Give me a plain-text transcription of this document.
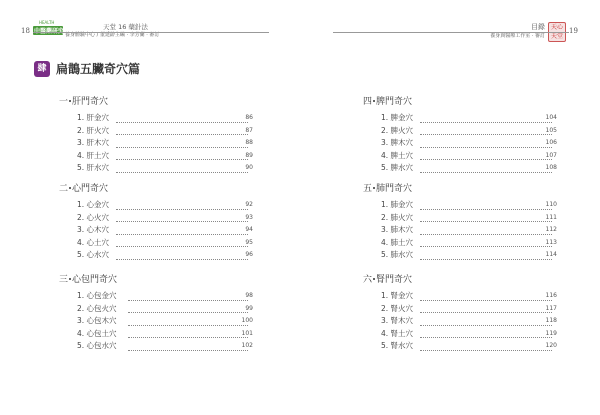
18	19
HEALTH
中醫藥研究中心
天堂 16 藥針法
養身體驗中心 / 董延齡主編 · 李芳蘭 · 審訂
目錄
養身與醫療工作室 · 審訂
天心 天堂
肆 扁鵲五臟奇穴篇
一 肝門奇穴
1. 肝金穴	86
2. 肝火穴	87
3. 肝木穴	88
4. 肝土穴	89
5. 肝水穴	90
二 心門奇穴
1. 心金穴	92
2. 心火穴	93
3. 心木穴	94
4. 心土穴	95
5. 心水穴	96
三 心包門奇穴
1. 心包金穴	98
2. 心包火穴	99
3. 心包木穴	100
4. 心包土穴	101
5. 心包水穴	102
四 脾門奇穴
1. 脾金穴	104
2. 脾火穴	105
3. 脾木穴	106
4. 脾土穴	107
5. 脾水穴	108
五 肺門奇穴
1. 肺金穴	110
2. 肺火穴	111
3. 肺木穴	112
4. 肺土穴	113
5. 肺水穴	114
六 腎門奇穴
1. 腎金穴	116
2. 腎火穴	117
3. 腎木穴	118
4. 腎土穴	119
5. 腎水穴	120
